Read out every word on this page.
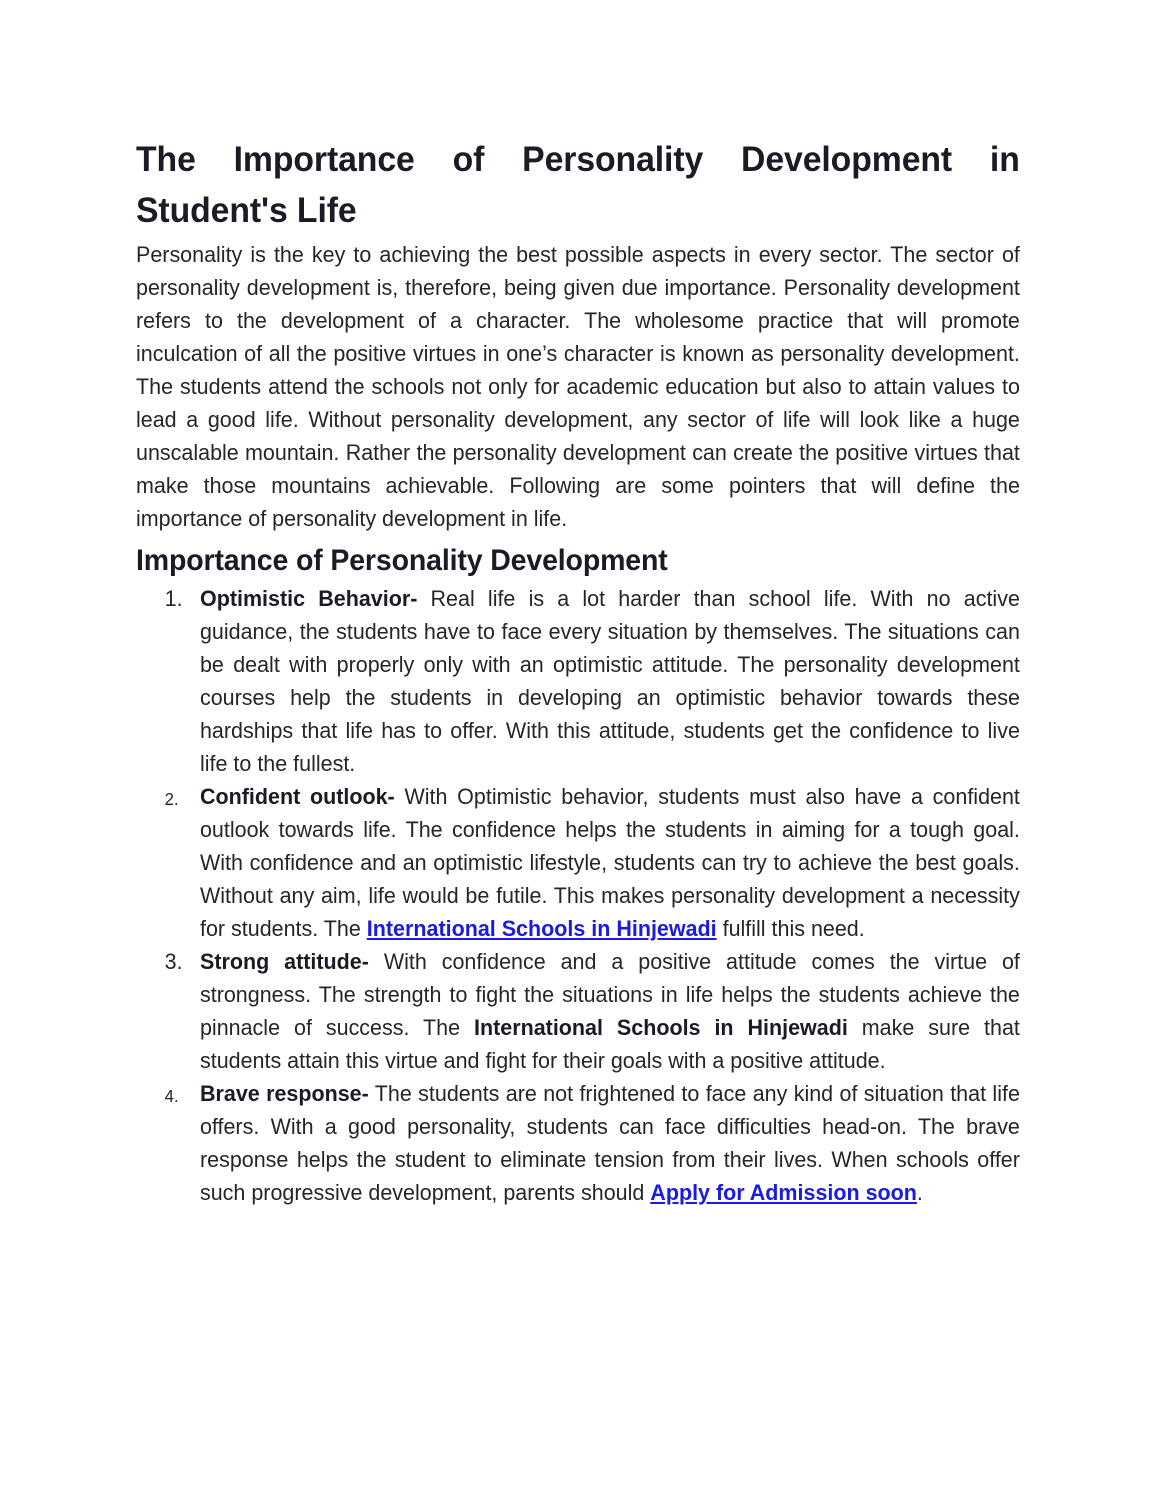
The Importance of Personality Development in
Student's Life

Personality is the key to achieving the best possible aspects in every sector. The sector of personality development is, therefore, being given due importance. Personality development refers to the development of a character. The wholesome practice that will promote inculcation of all the positive virtues in one’s character is known as personality development. The students attend the schools not only for academic education but also to attain values to lead a good life. Without personality development, any sector of life will look like a huge unscalable mountain. Rather the personality development can create the positive virtues that make those mountains achievable. Following are some pointers that will define the importance of personality development in life.

Importance of Personality Development
1. Optimistic Behavior- Real life is a lot harder than school life. With no active guidance, the students have to face every situation by themselves. The situations can be dealt with properly only with an optimistic attitude. The personality development courses help the students in developing an optimistic behavior towards these hardships that life has to offer. With this attitude, students get the confidence to live life to the fullest.
2. Confident outlook- With Optimistic behavior, students must also have a confident outlook towards life. The confidence helps the students in aiming for a tough goal. With confidence and an optimistic lifestyle, students can try to achieve the best goals. Without any aim, life would be futile. This makes personality development a necessity for students. The International Schools in Hinjewadi fulfill this need.
3. Strong attitude- With confidence and a positive attitude comes the virtue of strongness. The strength to fight the situations in life helps the students achieve the pinnacle of success. The International Schools in Hinjewadi make sure that students attain this virtue and fight for their goals with a positive attitude.
4. Brave response- The students are not frightened to face any kind of situation that life offers. With a good personality, students can face difficulties head-on. The brave response helps the student to eliminate tension from their lives. When schools offer such progressive development, parents should Apply for Admission soon.
